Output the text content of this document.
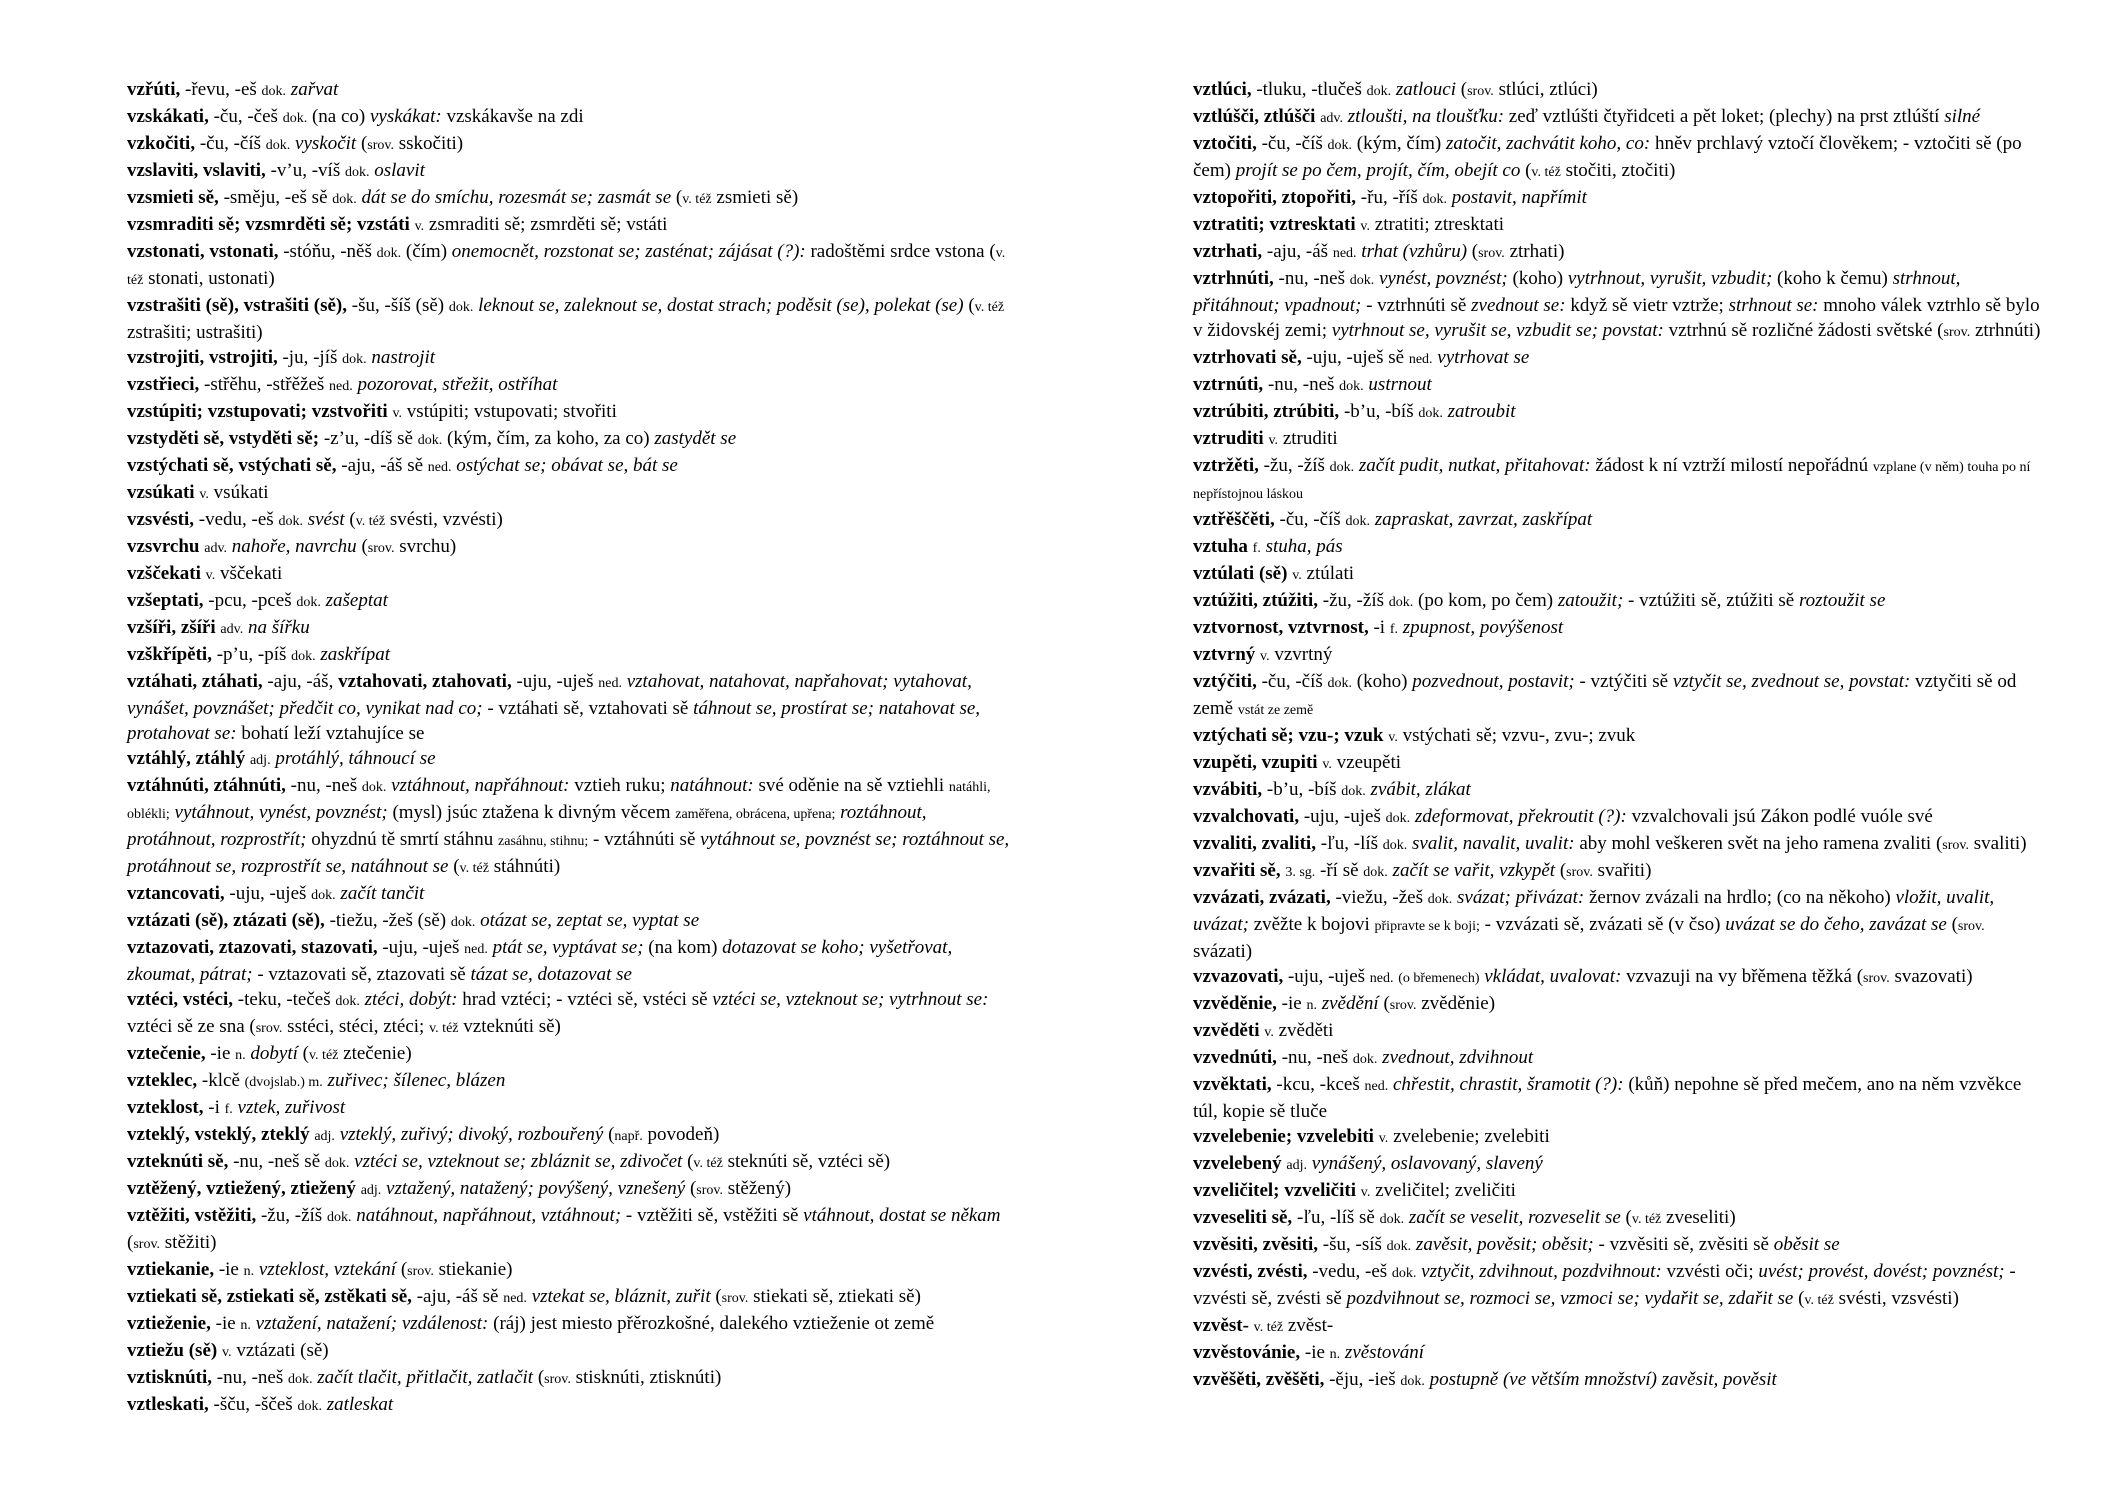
vzřúti, -řevu, -eš dok. zařvat
vzskákati, -ču, -češ dok. (na co) vyskákat: vzskákavše na zdi
vzkočiti, -ču, -číš dok. vyskočit (srov. sskočiti)
vzslaviti, vslaviti, -v’u, -víš dok. oslavit
vzsmieti sě, -směju, -eš sě dok. dát se do smíchu, rozesmát se; zasmát se (v. též zsmieti sě)
vzsmraditi sě; vzsmrděti sě; vzstáti v. zsmraditi sě; zsmrděti sě; vstáti
vzstonati, vstonati, -stóňu, -něš dok. (čím) onemocnět, rozstonat se; zasténat; zájásat (?): radoštěmi srdce vstona (v. též stonati, ustonati)
vzstrašiti (sě), vstrašiti (sě), -šu, -šíš (sě) dok. leknout se, zaleknout se, dostat strach; poděsit (se), polekat (se) (v. též zstrašiti; ustrašiti)
vzstrojiti, vstrojiti, -ju, -jíš dok. nastrojit
vzstřieci, -střěhu, -střěžeš ned. pozorovat, střežit, ostříhat
vzstúpiti; vzstupovati; vzstvořiti v. vstúpiti; vstupovati; stvořiti
vzstyděti sě, vstyděti sě; -z’u, -díš sě dok. (kým, čím, za koho, za co) zastydět se
vzstýchati sě, vstýchati sě, -aju, -áš sě ned. ostýchat se; obávat se, bát se
vzsúkati v. vsúkati
vzsvésti, -vedu, -eš dok. svést (v. též svésti, vzvésti)
vzsvrchu adv. nahoře, navrchu (srov. svrchu)
vzščekati v. vščekati
vzšeptati, -pcu, -pceš dok. zašeptat
vzšíři, zšíři adv. na šířku
vzškřípěti, -p’u, -píš dok. zaskřípat
vztáhati, ztáhati, -aju, -áš, vztahovati, ztahovati, -uju, -uješ ned. vztahovat, natahovat, napřahovat; vytahovat, vynášet, povznášet; předčit co, vynikat nad co; - vztáhati sě, vztahovati sě táhnout se, prostírat se; natahovat se, protahovat se: bohatí leží vztahujíce se
vztáhlý, ztáhlý adj. protáhlý, táhnoucí se
vztáhnúti, ztáhnúti, -nu, -neš dok. vztáhnout, napřáhnout: vztieh ruku; natáhnout: své oděnie na sě vztiehli natáhli, oblékli; vytáhnout, vynést, povznést; (mysl) jsúc ztažena k divným věcem zaměřena, obrácena, upřena; roztáhnout, protáhnout, rozprostřít; ohyzdnú tě smrtí stáhnu zasáhnu, stihnu; - vztáhnúti sě vytáhnout se, povznést se; roztáhnout se, protáhnout se, rozprostřít se, natáhnout se (v. též stáhnúti)
vztancovati, -uju, -uješ dok. začít tančit
vztázati (sě), ztázati (sě), -tiežu, -žeš (sě) dok. otázat se, zeptat se, vyptat se
vztazovati, ztazovati, stazovati, -uju, -uješ ned. ptát se, vyptávat se; (na kom) dotazovat se koho; vyšetřovat, zkoumat, pátrat; - vztazovati sě, ztazovati sě tázat se, dotazovat se
vztéci, vstéci, -teku, -tečeš dok. ztéci, dobýt: hrad vztéci; - vztéci sě, vstéci sě vztéci se, vzteknout se; vytrhnout se: vztéci sě ze sna (srov. sstéci, stéci, ztéci; v. též vzteknúti sě)
vztečenie, -ie n. dobytí (v. též ztečenie)
vzteklec, -klcě (dvojslab.) m. zuřivec; šílenec, blázen
vzteklost, -i f. vztek, zuřivost
vzteklý, vsteklý, zteklý adj. vzteklý, zuřivý; divoký, rozbouřený (např. povodeň)
vzteknúti sě, -nu, -neš sě dok. vztéci se, vzteknout se; zbláznit se, zdivočet (v. též steknúti sě, vztéci sě)
vztěžený, vztiežený, ztiežený adj. vztažený, natažený; povýšený, vznešený (srov. stěžený)
vztěžiti, vstěžiti, -žu, -žíš dok. natáhnout, napřáhnout, vztáhnout; - vztěžiti sě, vstěžiti sě vtáhnout, dostat se někam (srov. stěžiti)
vztiekanie, -ie n. vzteklost, vztekání (srov. stiekanie)
vztiekati sě, zstiekati sě, zstěkati sě, -aju, -áš sě ned. vztekat se, bláznit, zuřit (srov. stiekati sě, ztiekati sě)
vztieženie, -ie n. vztažení, natažení; vzdálenost: (ráj) jest miesto přěrozkošné, dalekého vztieženie ot země
vztiežu (sě) v. vztázati (sě)
vztisknúti, -nu, -neš dok. začít tlačit, přitlačit, zatlačit (srov. stisknúti, ztisknúti)
vztleskati, -šču, -ščeš dok. zatleskat
vztlúci, -tluku, -tlučeš dok. zatlouci (srov. stlúci, ztlúci)
vztlúšči, ztlúšči adv. ztloušti, na tloušťku: zeď vztlúšti čtyřidceti a pět loket; (plechy) na prst ztlúští silné
vztočiti, -ču, -číš dok. (kým, čím) zatočit, zachvátit koho, co: hněv prchlavý vztočí člověkem; - vztočiti sě (po čem) projít se po čem, projít, čím, obejít co (v. též stočiti, ztočiti)
vztopořiti, ztopořiti, -řu, -říš dok. postavit, napřímit
vztratiti; vztresktati v. ztratiti; ztresktati
vztrhati, -aju, -áš ned. trhat (vzhůru) (srov. ztrhati)
vztrhnúti, -nu, -neš dok. vynést, povznést; (koho) vytrhnout, vyrušit, vzbudit; (koho k čemu) strhnout, přitáhnout; vpadnout; - vztrhnúti sě zvednout se: když sě vietr vztrže; strhnout se: mnoho válek vztrhlo sě bylo v židovskéj zemi; vytrhnout se, vyrušit se, vzbudit se; povstat: vztrhnú sě rozličné žádosti světské (srov. ztrhnúti)
vztrhovati sě, -uju, -uješ sě ned. vytrhovat se
vztrnúti, -nu, -neš dok. ustrnout
vztrúbiti, ztrúbiti, -b’u, -bíš dok. zatroubit
vztruditi v. ztruditi
vztržěti, -žu, -žíš dok. začít pudit, nutkat, přitahovat: žádost k ní vztrží milostí nepořádnú vzplane (v něm) touha po ní nepřístojnou láskou
vztřěščěti, -ču, -číš dok. zapraskat, zavrzat, zaskřípat
vztuha f. stuha, pás
vztúlati (sě) v. ztúlati
vztúžiti, ztúžiti, -žu, -žíš dok. (po kom, po čem) zatoužit; - vztúžiti sě, ztúžiti sě roztoužit se
vztvornost, vztvrnost, -i f. zpupnost, povýšenost
vztvrný v. vzvrtný
vztýčiti, -ču, -číš dok. (koho) pozvednout, postavit; - vztýčiti sě vztyčit se, zvednout se, povstat: vztyčiti sě od země vstát ze země
vztýchati sě; vzu-; vzuk v. vstýchati sě; vzvu-, zvu-; zvuk
vzupěti, vzupiti v. vzeupěti
vzvábiti, -b’u, -bíš dok. zvábit, zlákat
vzvalchovati, -uju, -uješ dok. zdeformovat, překroutit (?): vzvalchovali jsú Zákon podlé vuóle své
vzvaliti, zvaliti, -ľu, -líš dok. svalit, navalit, uvalit: aby mohl veškeren svět na jeho ramena zvaliti (srov. svaliti)
vzvařiti sě, 3. sg. -ří sě dok. začít se vařit, vzkypět (srov. svařiti)
vzvázati, zvázati, -viežu, -žeš dok. svázat; přivázat: žernov zvázali na hrdlo; (co na někoho) vložit, uvalit, uvázat; zvěžte k bojovi připravte se k boji; - vzvázati sě, zvázati sě (v čso) uvázat se do čeho, zavázat se (srov. svázati)
vzvazovati, -uju, -uješ ned. (o břemenech) vkládat, uvalovat: vzvazuji na vy břěmena těžká (srov. svazovati)
vzvěděnie, -ie n. zvědění (srov. zvěděnie)
vzvěděti v. zvěděti
vzvednúti, -nu, -neš dok. zvednout, zdvihnout
vzvěktati, -kcu, -kceš ned. chřestit, chrastit, šramotit (?): (kůň) nepohne sě před mečem, ano na něm vzvěkce túl, kopie sě tluče
vzvelebenie; vzvelebiti v. zvelebenie; zvelebiti
vzvelebený adj. vynášený, oslavovaný, slavený
vzveličitel; vzveličiti v. zveličitel; zveličiti
vzveseliti sě, -ľu, -líš sě dok. začít se veselit, rozveselit se (v. též zveseliti)
vzvěsiti, zvěsiti, -šu, -síš dok. zavěsit, pověsit; oběsit; - vzvěsiti sě, zvěsiti sě oběsit se
vzvésti, zvésti, -vedu, -eš dok. vztyčit, zdvihnout, pozdvihnout: vzvésti oči; uvést; provést, dovést; povznést; - vzvésti sě, zvésti sě pozdvihnout se, rozmoci se, vzmoci se; vydařit se, zdařit se (v. též svésti, vzsvésti)
vzvěst- v. též zvěst-
vzvěstovánie, -ie n. zvěstování
vzvěšěti, zvěšěti, -ěju, -ieš dok. postupně (ve větším množství) zavěsit, pověsit
